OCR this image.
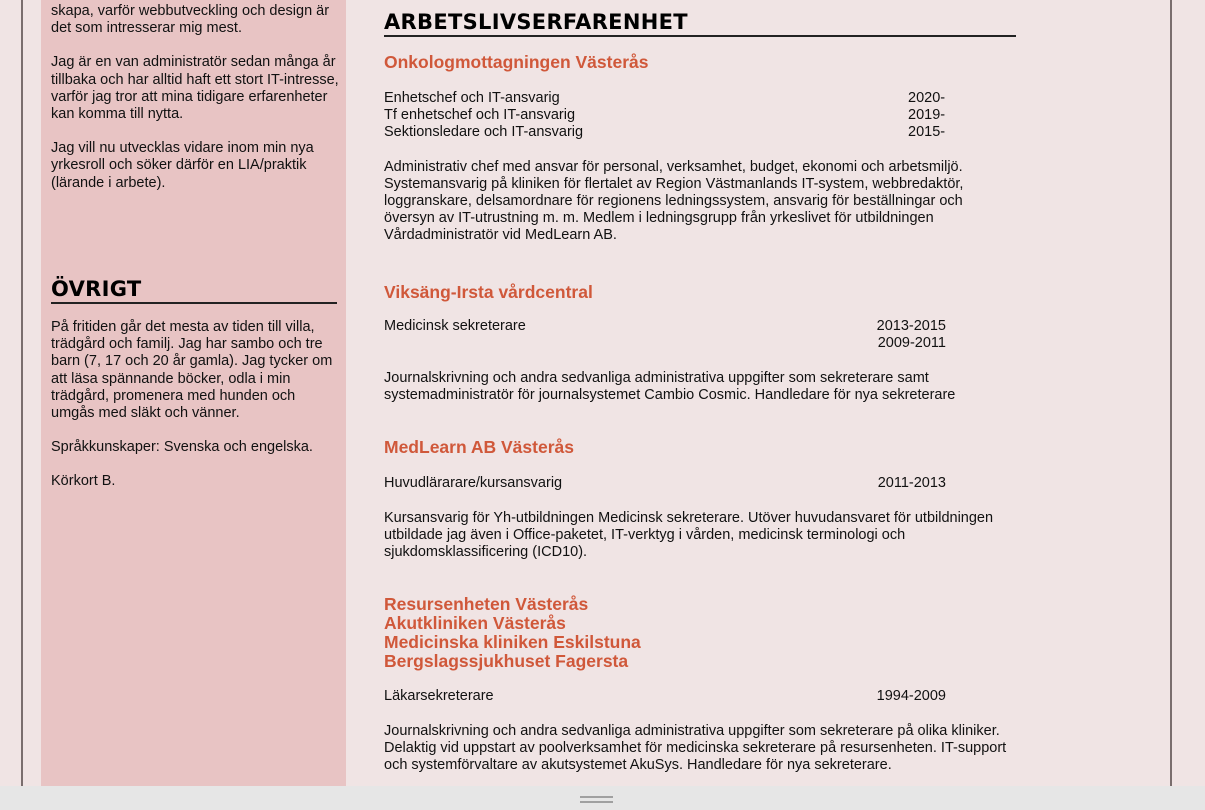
skapa, varför webbutveckling och design är det som intresserar mig mest.

Jag är en van administratör sedan många år tillbaka och har alltid haft ett stort IT-intresse, varför jag tror att mina tidigare erfarenheter kan komma till nytta.

Jag vill nu utvecklas vidare inom min nya yrkesroll och söker därför en LIA/praktik (lärande i arbete).

ÖVRIGT

På fritiden går det mesta av tiden till villa, trädgård och familj. Jag har sambo och tre barn (7, 17 och 20 år gamla). Jag tycker om att läsa spännande böcker, odla i min trädgård, promenera med hunden och umgås med släkt och vänner.

Språkkunskaper: Svenska och engelska.

Körkort B.

ARBETSLIVSERFARENHET
Onkologmottagningen Västerås
Enhetschef och IT-ansvarig	2020-
Tf enhetschef och IT-ansvarig	2019-
Sektionsledare och IT-ansvarig	2015-

Administrativ chef med ansvar för personal, verksamhet, budget, ekonomi och arbetsmiljö. Systemansvarig på kliniken för flertalet av Region Västmanlands IT-system, webbredaktör, loggranskare, delsamordnare för regionens ledningssystem, ansvarig för beställningar och översyn av IT-utrustning m. m. Medlem i ledningsgrupp från yrkeslivet för utbildningen Vårdadministratör vid MedLearn AB.

Viksäng-Irsta vårdcentral
Medicinsk sekreterare	2013-2015
2009-2011

Journalskrivning och andra sedvanliga administrativa uppgifter som sekreterare samt systemadministratör för journalsystemet Cambio Cosmic. Handledare för nya sekreterare

MedLearn AB Västerås
Huvudlärarare/kursansvarig	2011-2013

Kursansvarig för Yh-utbildningen Medicinsk sekreterare. Utöver huvudansvaret för utbildningen utbildade jag även i Office-paketet, IT-verktyg i vården, medicinsk terminologi och sjukdomsklassificering (ICD10).

Resursenheten Västerås
Akutkliniken Västerås
Medicinska kliniken Eskilstuna
Bergslagssjukhuset Fagersta
Läkarsekreterare	1994-2009

Journalskrivning och andra sedvanliga administrativa uppgifter som sekreterare på olika kliniker. Delaktig vid uppstart av poolverksamhet för medicinska sekreterare på resursenheten. IT-support och systemförvaltare av akutsystemet AkuSys. Handledare för nya sekreterare.
